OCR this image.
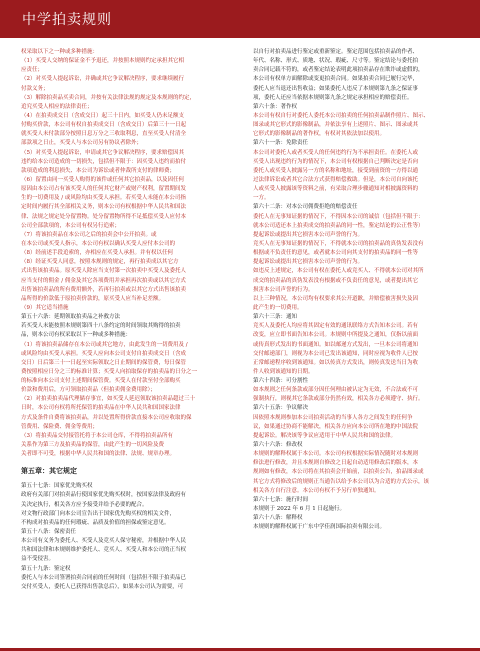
中学拍卖规则
权采取以下之一种或多种措施：
（1）买受人交纳的保证金不予退还，并按照本规则约定承担其它相
应责任；
（2）对买受人提起诉讼，并确或其它争议解决程序，要求继续履行
付款义务；
（3）解除拍卖品买卖合同，并按有关法律法规的规定及本规则的约定，
追究买受人相应的法律责任；
（4）在拍卖成交日（含成交日）起三十日内，如买受人仍未足额支
付购买价款，本公司有权自拍卖成交日（含成交日）后第三十一日起
就买受人未付款部分按照日息万分之三收取利息，直至买受人付清全
部款项之日止，买受人与本公司另有协议者除外；
（5）对买受人提起诉讼，申请或其它争议解决程序，要求赔偿因其
违约给本公司造成的一切损失，包括但不限于：因买受人违约而拍付
款项造成的利息损失、本公司为诉讼或者仲裁所支付的律师费；
（6）留置由同一买受人购得的该件或任何其它拍卖品，以及因任何
原因由本公司占有该买受人的任何其它财产或财产权利，留置期间发
生的一切费用及 / 或风险均由买受人承担。若买受人未能在本公司指
定时间内履行其全部相关义务，则本公司有权根据中华人民共和国法
律、法规之规定处分留置物。处分留置物所得不足抵偿买受人应付本
公司全部款项的，本公司有权另行追索；
（7）将该拍卖品在本公司之后的拍卖会中公开拍卖。或
在本公司或买受人指示，本公司有权以确认买受人应付本公司的
（8）经前述手段追索的，亦相应在买受人承担。并有权以任何
（8）经证买受人同意，按照本规则的规定，再行拍卖成以其它方
式出售该拍卖品。原买受人除应当支付第一次拍卖中买受人及委托人
应当支付的佣金 / 佣金及其它各项费用并承担再次拍卖或以其它方式
出售该拍卖品的所有费用额外，若再行拍卖或以其它方式出售该拍卖
品所得的价款低于原拍卖价款的，原买受人应当补足差额。
（9）其它适当措施
第五十六条：延期领取拍卖品之补救方法
若买受人未能按照本规则第四十八条约定的时间领取其购得的拍卖
品，则本公司有权采取以下一种或多种措施：
（1）将该拍卖品储存在本公司或其它地方，由此发生的一切费用及 /
或风险均由买受人承担。买受人应向本公司支付自拍卖成交日（含成
交日）日后第三十一日起至实际领取之日止期间的保管费，每日保管
费按照相应日分之三的标准计算；买受人向拍取保存的拍卖品的日分之一
的标准向本公司支付上述期间保管费。买受人在付款至付全部购买
价款和费用后，方可领取拍卖品（但拍卖佣金费用除）；
（2）对拍卖拍卖品代理储存事宜，如买受人延迟领取该拍卖品超过三十
日时，本公司有权将所托保管的拍卖品在中华人民共和国国家法律
方式及条件自费将该拍卖品，并以处置所得价款直接本公司应收取的保
管费用、保险费、佣金等费用；
（3）将拍卖品交付接管托将于本公司仓库，不得将拍卖品所有
关系作为第三方及拍卖品的保管，由此产生的一切风险及费
关者即不可受，根据中华人民共和国的法律、法规、规章办理。
第五章：其它规定
第五十七条：国家优先购买权
政府有关部门对拍卖品行使国家优先购买权时，按国家法律及政府有
关决定执行，相关各方应予接受并给予必要的配合。
对文物行政部门向本公司宣告出于国家优先购买权的相关文件，
不构成对拍卖品的任何瑕疵、品质及价值的担保或鉴定意见。
第五十八条：保密责任
本公司有义务为委托人、买受人及竞买人保守秘密，并根据中华人民
共和国法律和本规则维护委托人、竞买人、买受人和本公司的正当权
益不受侵害。
第五十九条：鉴定权
委托人与本公司签署拍卖合同前的任何时间（包括但不限于拍卖品已
交付买受人，委托人已获得出售款总后），如果本公司认为需要，可
以自行对拍卖品进行鉴定或重新鉴定。鉴定范围包括拍卖品的作者、
年代、名称、形式、质地、状况、瑕疵、尺寸等。鉴定结论与委托拍
卖合同记载不符的，或者鉴定结论表明此项拍卖品存在欺诈或虚假的，
本公司有权单方面解除或变更拍卖合同。如果拍卖合同已履行完毕，
委托人应当退还出售收益；如果委托人违反了本规则第九条之保证事
项，委托人还应当依据本规则第九条之规定承担相应的赔偿责任。
第六十条：著作权
本公司有权自行对委托人委托本公司拍卖的任何拍卖品制作照片、图示、
图录或其它形式的影像制品，并依法享有上述照片、图示、图录或其
它形式的影像制品的著作权，有权对其依法加以使用。
第六十一条：免除责任
本公司对委托人或者买受人的任何违约行为不承担责任。在委托人或
买受人出现违约行为的情况下，本公司有权根据自己判断决定是否向
委托人或买受人披露另一方的名称和地址，接受到前资的一方得以通
过法律诉讼或者其它合法方式获得赔偿救助。但是，本公司自向该托
人或买受人披露该等资料之前，有采取合理步骤通知对相披露资料的
一方。
第六十二条：对本公司佣费拒绝的赔偿责任
委托人在无事知证据的情况下，不得因本公司的诚信（包括但不限于：
就本公司适还本上拍卖成交的拍卖品的同一性，鉴定结论的公正性等）
提起诉讼或提出其它损害本公司声誉的行为。
竞买人在无事知证据的情况下，不得就本公司的拍卖品的真伪发表没有
根据或不负责任的意见，或者就本公司向其支付的拍卖品的同一性等
提起诉讼或提出其它损害本公司声誉的行为。
如违反上述规定，本公司有权在委托人或竞买人、不得就本公司对其所
成交的拍卖品的真伪发表没有根据或不负责任的意见，或者提出其它
损害本公司声誉的行为。
以上三种情况，本公司均有权要求其公开道歉，并赔偿被害损失及因
此产生的一切费用。
第六十三条：通知
竞买人及委托人均应将其固定有效的通讯联络方式告知本公司。若有
改变，应立即书面告知本公司。本规则中所提及之通知，仅指以前面
或传真形式发出的书面通知。如以邮递方式发出，一旦本公司将通知
交付邮递部门，则视为本公司已发出该通知，同时应视为收件人已按
正常邮递程序收到该通知。如以传真方式发出，则传真发送当日为收
件人收到该通知的日期。
第六十四条：可分割性
如本规则之任何条款或部分因任何理由被认定为无效，不合法或不可
强制执行，则视其它条款或部分仍然有效，相关各方必须遵守、执行。
第六十五条：争议解决
因依照本规则参加本公司拍卖活动的当事人各方之间发生的任何争
议，如果通过协商不能解决，相关各方应向本公司所在地的中国法院
提起诉讼。解决该等争议应适用于中华人民共和国的法律。
第六十六条：修改权
本规则的解释权属于本公司。本公司有权根据实际情况随时对本规则
修法进行修改，并且本规则自修改之日起自动适用修改后的版本，本
规则如有修改，本公司将在其拍卖会开始前，以拍卖公告，拍品图录或
其它方式将修改后的规则正当通告以给予本公司以为合适的方式公示，该
相关各方自行注意。本公司有权不予另行单独通知。
第六十七条：施行时间
本规则于 2022 年 6 月 1 日起施行。
第六十八条：解释权
本规则的解释权属于广东中学佳润国际拍卖有限公司。
